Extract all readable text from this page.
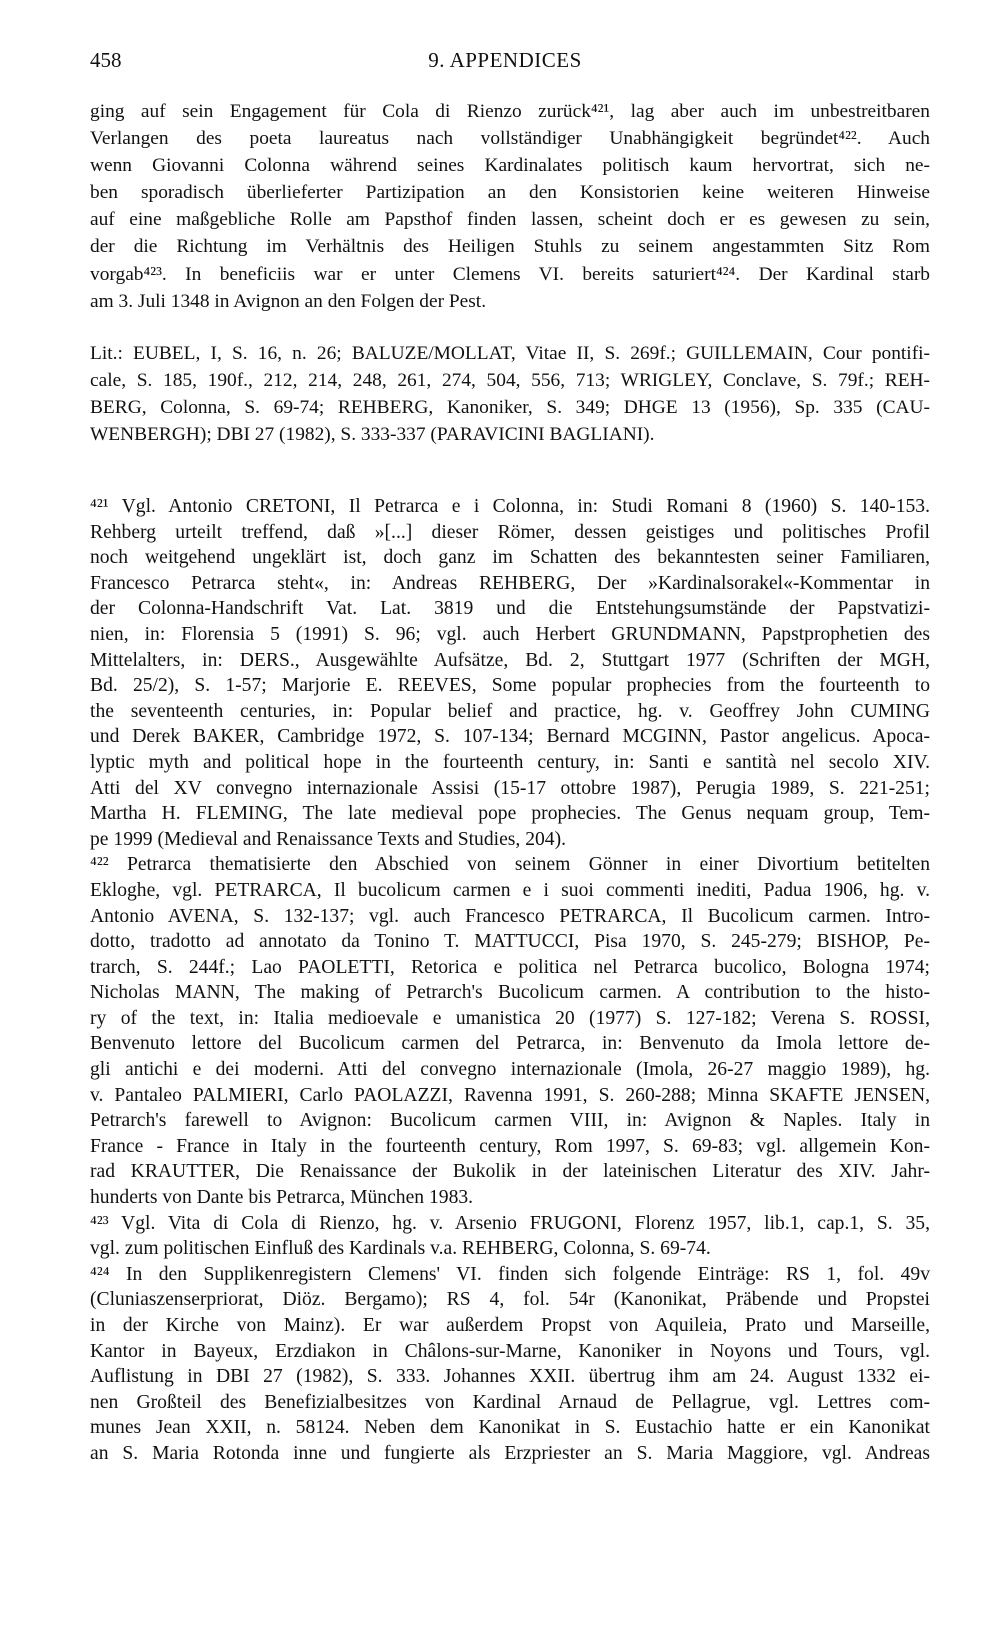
458	9. APPENDICES
ging auf sein Engagement für Cola di Rienzo zurück⁴²¹, lag aber auch im unbestreitbaren
Verlangen des poeta laureatus nach vollständiger Unabhängigkeit begründet⁴²². Auch
wenn Giovanni Colonna während seines Kardinalates politisch kaum hervortrat, sich ne-
ben sporadisch überlieferter Partizipation an den Konsistorien keine weiteren Hinweise
auf eine maßgebliche Rolle am Papsthof finden lassen, scheint doch er es gewesen zu sein,
der die Richtung im Verhältnis des Heiligen Stuhls zu seinem angestammten Sitz Rom
vorgab⁴²³. In beneficiis war er unter Clemens VI. bereits saturiert⁴²⁴. Der Kardinal starb
am 3. Juli 1348 in Avignon an den Folgen der Pest.
Lit.: EUBEL, I, S. 16, n. 26; BALUZE/MOLLAT, Vitae II, S. 269f.; GUILLEMAIN, Cour pontifi-
cale, S. 185, 190f., 212, 214, 248, 261, 274, 504, 556, 713; WRIGLEY, Conclave, S. 79f.; REH-
BERG, Colonna, S. 69-74; REHBERG, Kanoniker, S. 349; DHGE 13 (1956), Sp. 335 (CAU-
WENBERGH); DBI 27 (1982), S. 333-337 (PARAVICINI BAGLIANI).
⁴²¹ Vgl. Antonio CRETONI, Il Petrarca e i Colonna, in: Studi Romani 8 (1960) S. 140-153.
Rehberg urteilt treffend, daß »[...] dieser Römer, dessen geistiges und politisches Profil
noch weitgehend ungeklärt ist, doch ganz im Schatten des bekanntesten seiner Familiaren,
Francesco Petrarca steht«, in: Andreas REHBERG, Der »Kardinalsorakel«-Kommentar in
der Colonna-Handschrift Vat. Lat. 3819 und die Entstehungsumstände der Papstvatizi-
nien, in: Florensia 5 (1991) S. 96; vgl. auch Herbert GRUNDMANN, Papstprophetien des
Mittelalters, in: DERS., Ausgewählte Aufsätze, Bd. 2, Stuttgart 1977 (Schriften der MGH,
Bd. 25/2), S. 1-57; Marjorie E. REEVES, Some popular prophecies from the fourteenth to
the seventeenth centuries, in: Popular belief and practice, hg. v. Geoffrey John CUMING
und Derek BAKER, Cambridge 1972, S. 107-134; Bernard MCGINN, Pastor angelicus. Apoca-
lyptic myth and political hope in the fourteenth century, in: Santi e santità nel secolo XIV.
Atti del XV convegno internazionale Assisi (15-17 ottobre 1987), Perugia 1989, S. 221-251;
Martha H. FLEMING, The late medieval pope prophecies. The Genus nequam group, Tem-
pe 1999 (Medieval and Renaissance Texts and Studies, 204).
⁴²² Petrarca thematisierte den Abschied von seinem Gönner in einer Divortium betitelten
Ekloghe, vgl. PETRARCA, Il bucolicum carmen e i suoi commenti inediti, Padua 1906, hg. v.
Antonio AVENA, S. 132-137; vgl. auch Francesco PETRARCA, Il Bucolicum carmen. Intro-
dotto, tradotto ad annotato da Tonino T. MATTUCCI, Pisa 1970, S. 245-279; BISHOP, Pe-
trarch, S. 244f.; Lao PAOLETTI, Retorica e politica nel Petrarca bucolico, Bologna 1974;
Nicholas MANN, The making of Petrarch's Bucolicum carmen. A contribution to the histo-
ry of the text, in: Italia medioevale e umanistica 20 (1977) S. 127-182; Verena S. ROSSI,
Benvenuto lettore del Bucolicum carmen del Petrarca, in: Benvenuto da Imola lettore de-
gli antichi e dei moderni. Atti del convegno internazionale (Imola, 26-27 maggio 1989), hg.
v. Pantaleo PALMIERI, Carlo PAOLAZZI, Ravenna 1991, S. 260-288; Minna SKAFTE JENSEN,
Petrarch's farewell to Avignon: Bucolicum carmen VIII, in: Avignon & Naples. Italy in
France - France in Italy in the fourteenth century, Rom 1997, S. 69-83; vgl. allgemein Kon-
rad KRAUTTER, Die Renaissance der Bukolik in der lateinischen Literatur des XIV. Jahr-
hunderts von Dante bis Petrarca, München 1983.
⁴²³ Vgl. Vita di Cola di Rienzo, hg. v. Arsenio FRUGONI, Florenz 1957, lib.1, cap.1, S. 35,
vgl. zum politischen Einfluß des Kardinals v.a. REHBERG, Colonna, S. 69-74.
⁴²⁴ In den Supplikenregistern Clemens' VI. finden sich folgende Einträge: RS 1, fol. 49v
(Cluniaszenserpriorat, Diöz. Bergamo); RS 4, fol. 54r (Kanonikat, Präbende und Propstei
in der Kirche von Mainz). Er war außerdem Propst von Aquileia, Prato und Marseille,
Kantor in Bayeux, Erzdiakon in Châlons-sur-Marne, Kanoniker in Noyons und Tours, vgl.
Auflistung in DBI 27 (1982), S. 333. Johannes XXII. übertrug ihm am 24. August 1332 ei-
nen Großteil des Benefizialbesitzes von Kardinal Arnaud de Pellagrue, vgl. Lettres com-
munes Jean XXII, n. 58124. Neben dem Kanonikat in S. Eustachio hatte er ein Kanonikat
an S. Maria Rotonda inne und fungierte als Erzpriester an S. Maria Maggiore, vgl. Andreas
